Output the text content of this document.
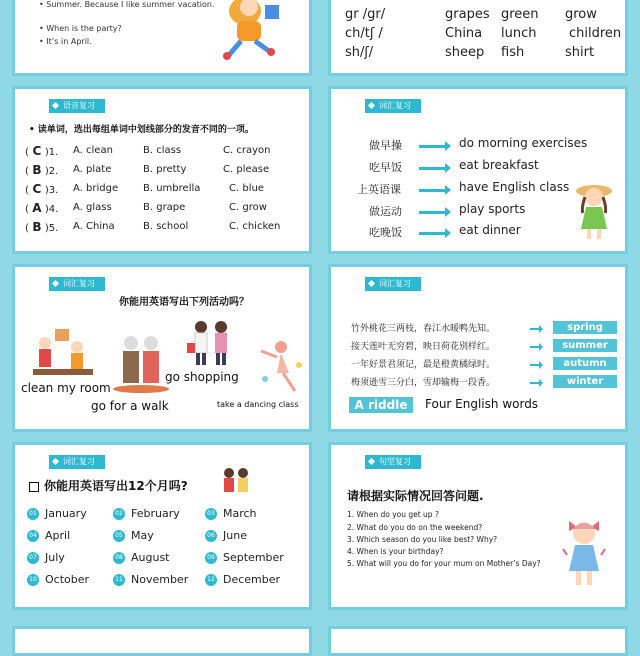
• Summer. Because I like summer vacation.
• When is the party?
• It’s in April.
gr /gr/	grapes green grow
ch/tʃ /	China lunch	children
sh/ʃ/	sheep fish	shirt
语音复习
• 读单词，选出每组单词中划线部分的发音不同的一项。
( C )1. A. clean	B. class	C. crayon
( B )2. A. plate	B. pretty	C. please
( C )3. A. bridge B. umbrella	C. blue
( A )4. A. glass	B. grape	C. grow
( B )5. A. China	B. school	C. chicken
词汇复习
做早操	do morning exercises
吃早饭	eat breakfast
上英语课	have English class
做运动	play sports
吃晚饭	eat dinner
词汇复习
你能用英语写出下列活动吗？
clean my room
go for a walk
go shopping
take a dancing class
词汇复习
竹外桃花三两枝，春江水暖鸭先知。	spring
接天莲叶无穷碧，映日荷花别样红。	summer
一年好景君须记，最是橙黄橘绿时。	autumn
梅须逊雪三分白，雪却输梅一段香。	winter
A riddle	Four English words
词汇复习
你能用英语写出12个月吗?
01 January	02 February	03 March
04 April	05 May	06 June
07 July	08 August	09 September
10 October	11 November	12 December
句型复习
请根据实际情况回答问题.
1. When do you get up ?
2. What do you do on the weekend?
3. Which season do you like best? Why?
4. When is your birthday?
5. What will you do for your mum on Mother’s Day?
